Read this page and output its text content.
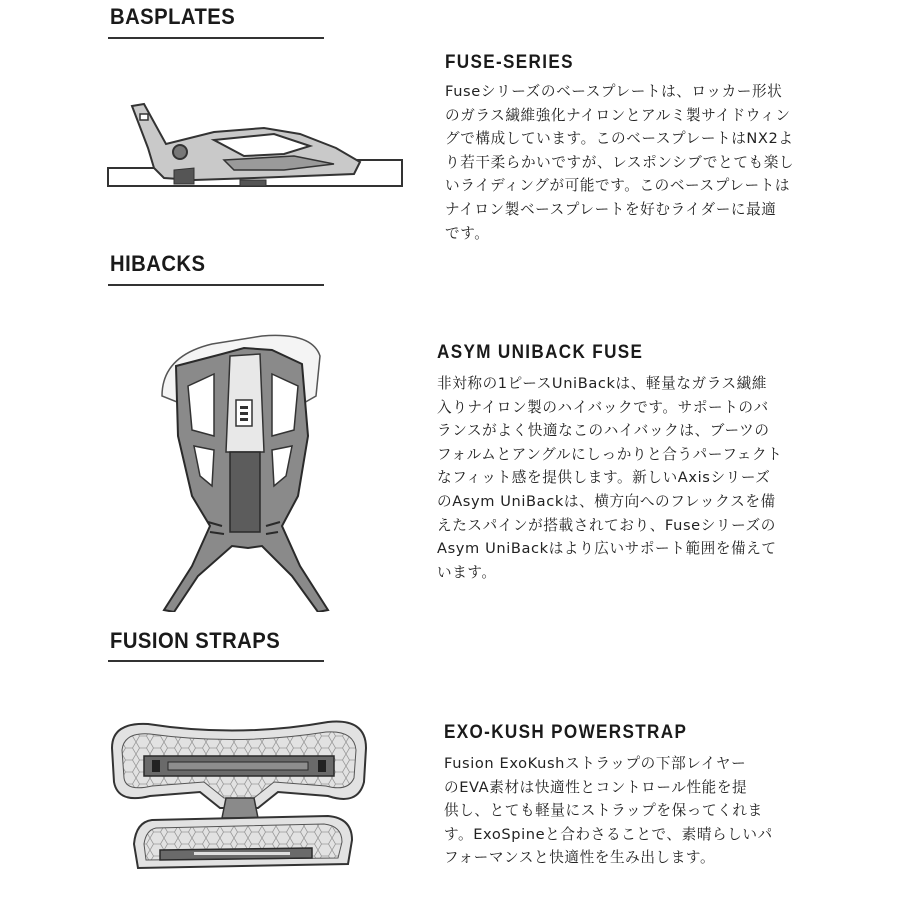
BASPLATES
FUSE-SERIES

Fuseシリーズのベースプレートは、ロッカー形状
のガラス繊維強化ナイロンとアルミ製サイドウィン
グで構成しています。このベースプレートはNX2よ
り若干柔らかいですが、レスポンシブでとても楽し
いライディングが可能です。このベースプレートは
ナイロン製ベースプレートを好むライダーに最適
です。

HIBACKS
ASYM UNIBACK FUSE

非対称の1ピースUniBackは、軽量なガラス繊維
入りナイロン製のハイバックです。サポートのバ
ランスがよく快適なこのハイバックは、ブーツの
フォルムとアングルにしっかりと合うパーフェクト
なフィット感を提供します。新しいAxisシリーズ
のAsym UniBackは、横方向へのフレックスを備
えたスパインが搭載されており、Fuseシリーズの
Asym UniBackはより広いサポート範囲を備えて
います。

FUSION STRAPS
EXO-KUSH POWERSTRAP

Fusion ExoKushストラップの下部レイヤー
のEVA素材は快適性とコントロール性能を提
供し、とても軽量にストラップを保ってくれま
す。ExoSpineと合わさることで、素晴らしいパ
フォーマンスと快適性を生み出します。
